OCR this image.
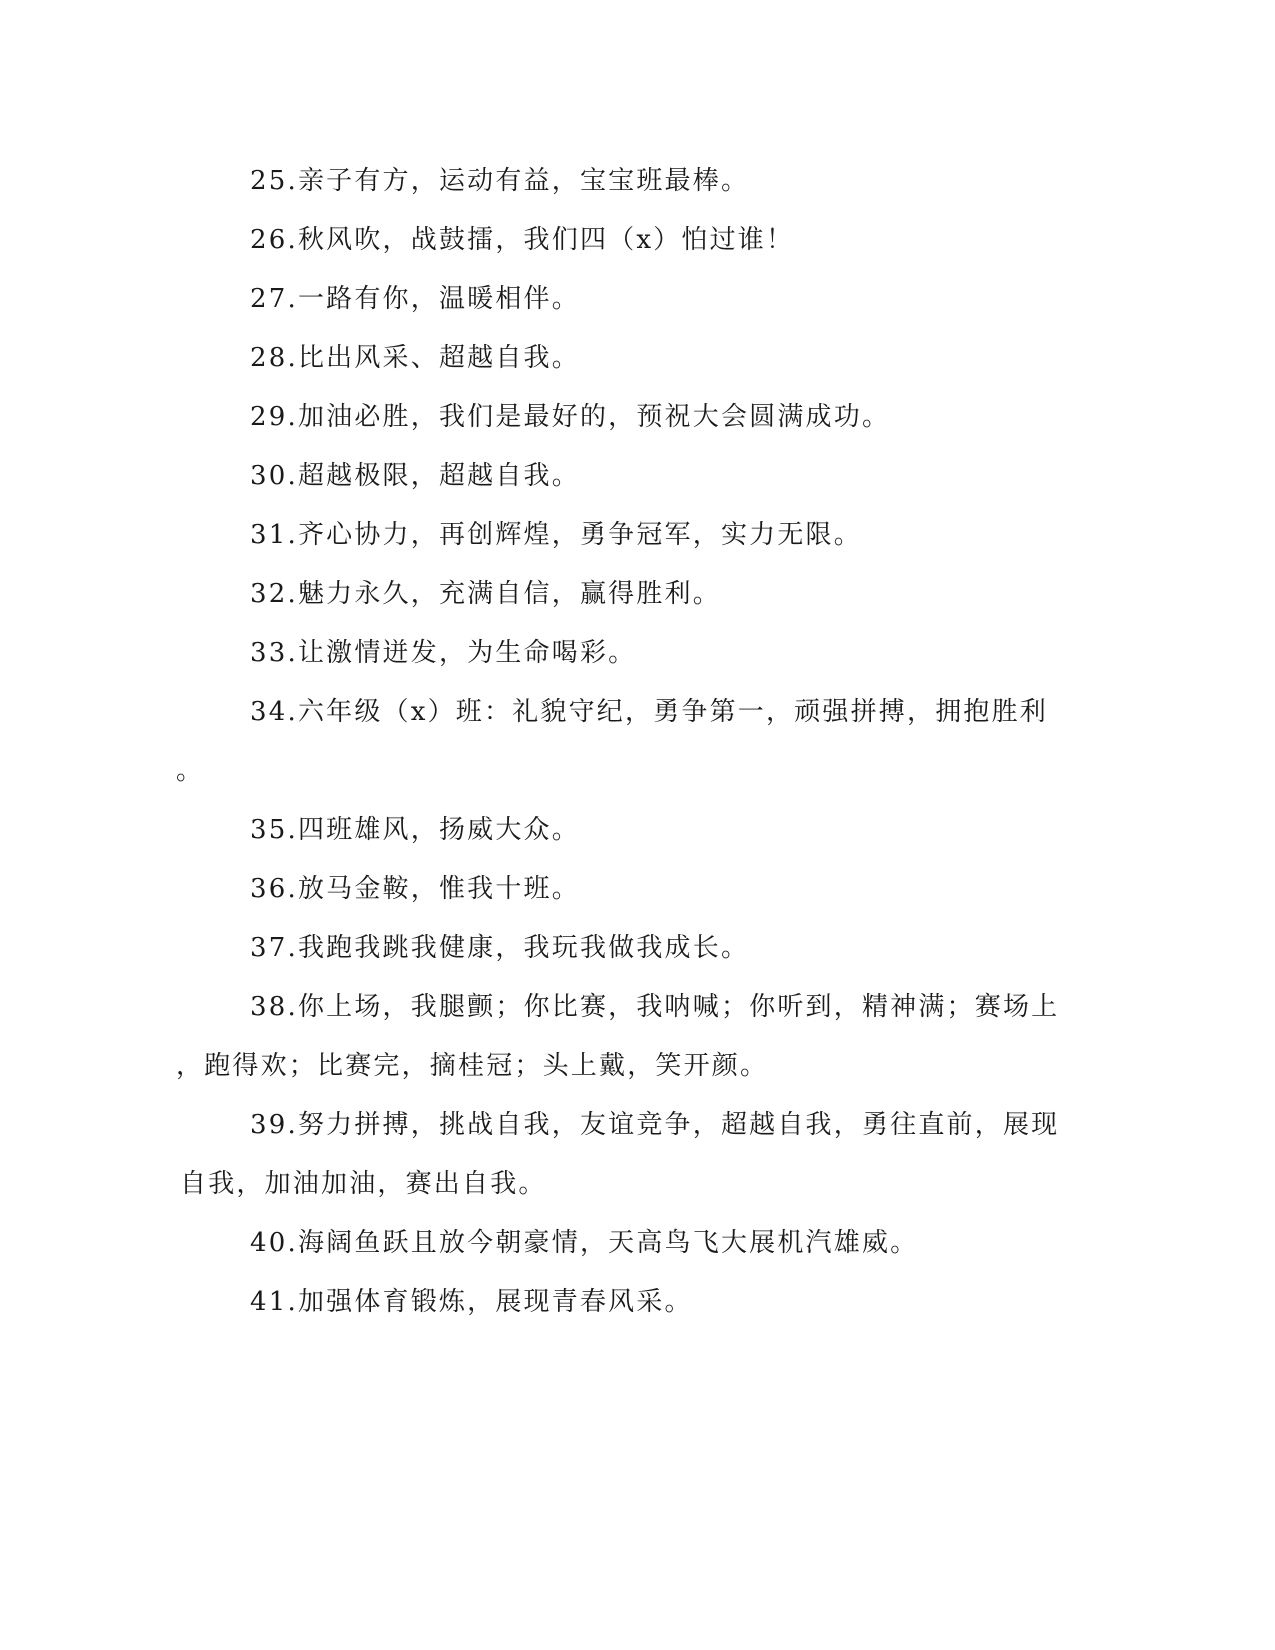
25.亲子有方，运动有益，宝宝班最棒。
26.秋风吹，战鼓擂，我们四（x）怕过谁！
27.一路有你，温暖相伴。
28.比出风采、超越自我。
29.加油必胜，我们是最好的，预祝大会圆满成功。
30.超越极限，超越自我。
31.齐心协力，再创辉煌，勇争冠军，实力无限。
32.魅力永久，充满自信，赢得胜利。
33.让激情迸发，为生命喝彩。
34.六年级（x）班：礼貌守纪，勇争第一，顽强拼搏，拥抱胜利
。
35.四班雄风，扬威大众。
36.放马金鞍，惟我十班。
37.我跑我跳我健康，我玩我做我成长。
38.你上场，我腿颤；你比赛，我呐喊；你听到，精神满；赛场上
，跑得欢；比赛完，摘桂冠；头上戴，笑开颜。
39.努力拼搏，挑战自我，友谊竞争，超越自我，勇往直前，展现
自我，加油加油，赛出自我。
40.海阔鱼跃且放今朝豪情，天高鸟飞大展机汽雄威。
41.加强体育锻炼，展现青春风采。
